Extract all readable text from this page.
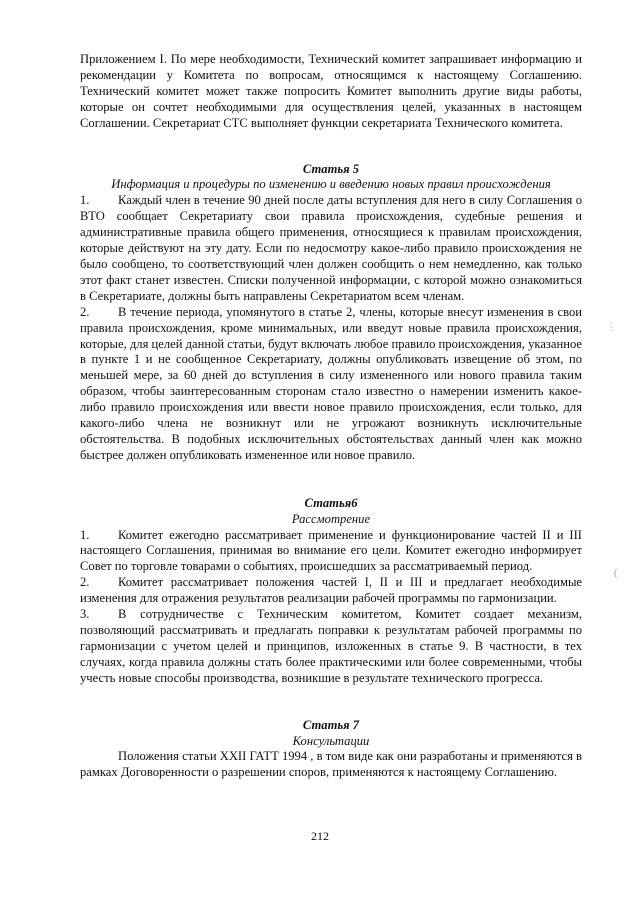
Приложением I. По мере необходимости, Технический комитет запрашивает информацию и рекомендации у Комитета по вопросам, относящимся к настоящему Соглашению. Технический комитет может также попросить Комитет выполнить другие виды работы, которые он сочтет необходимыми для осуществления целей, указанных в настоящем Соглашении. Секретариат СТС выполняет функции секретариата Технического комитета.

Статья 5

Информация и процедуры по изменению и введению новых правил происхождения

1. Каждый член в течение 90 дней после даты вступления для него в силу Соглашения о ВТО сообщает Секретариату свои правила происхождения, судебные решения и административные правила общего применения, относящиеся к правилам происхождения, которые действуют на эту дату. Если по недосмотру какое-либо правило происхождения не было сообщено, то соответствующий член должен сообщить о нем немедленно, как только этот факт станет известен. Списки полученной информации, с которой можно ознакомиться в Секретариате, должны быть направлены Секретариатом всем членам.

2. В течение периода, упомянутого в статье 2, члены, которые внесут изменения в свои правила происхождения, кроме минимальных, или введут новые правила происхождения, которые, для целей данной статьи, будут включать любое правило происхождения, указанное в пункте 1 и не сообщенное Секретариату, должны опубликовать извещение об этом, по меньшей мере, за 60 дней до вступления в силу измененного или нового правила таким образом, чтобы заинтересованным сторонам стало известно о намерении изменить какое-либо правило происхождения или ввести новое правило происхождения, если только, для какого-либо члена не возникнут или не угрожают возникнуть исключительные обстоятельства. В подобных исключительных обстоятельствах данный член как можно быстрее должен опубликовать измененное или новое правило.

Статья6

Рассмотрение

1. Комитет ежегодно рассматривает применение и функционирование частей II и III настоящего Соглашения, принимая во внимание его цели. Комитет ежегодно информирует Совет по торговле товарами о событиях, происшедших за рассматриваемый период.

2. Комитет рассматривает положения частей I, II и III и предлагает необходимые изменения для отражения результатов реализации рабочей программы по гармонизации.

3. В сотрудничестве с Техническим комитетом, Комитет создает механизм, позволяющий рассматривать и предлагать поправки к результатам рабочей программы по гармонизации с учетом целей и принципов, изложенных в статье 9. В частности, в тех случаях, когда правила должны стать более практическими или более современными, чтобы учесть новые способы производства, возникшие в результате технического прогресса.

Статья 7

Консультации

Положения статьи XXII ГАТТ 1994 , в том виде как они разработаны и применяются в рамках Договоренности о разрешении споров, применяются к настоящему Соглашению.

212
⋮
(
